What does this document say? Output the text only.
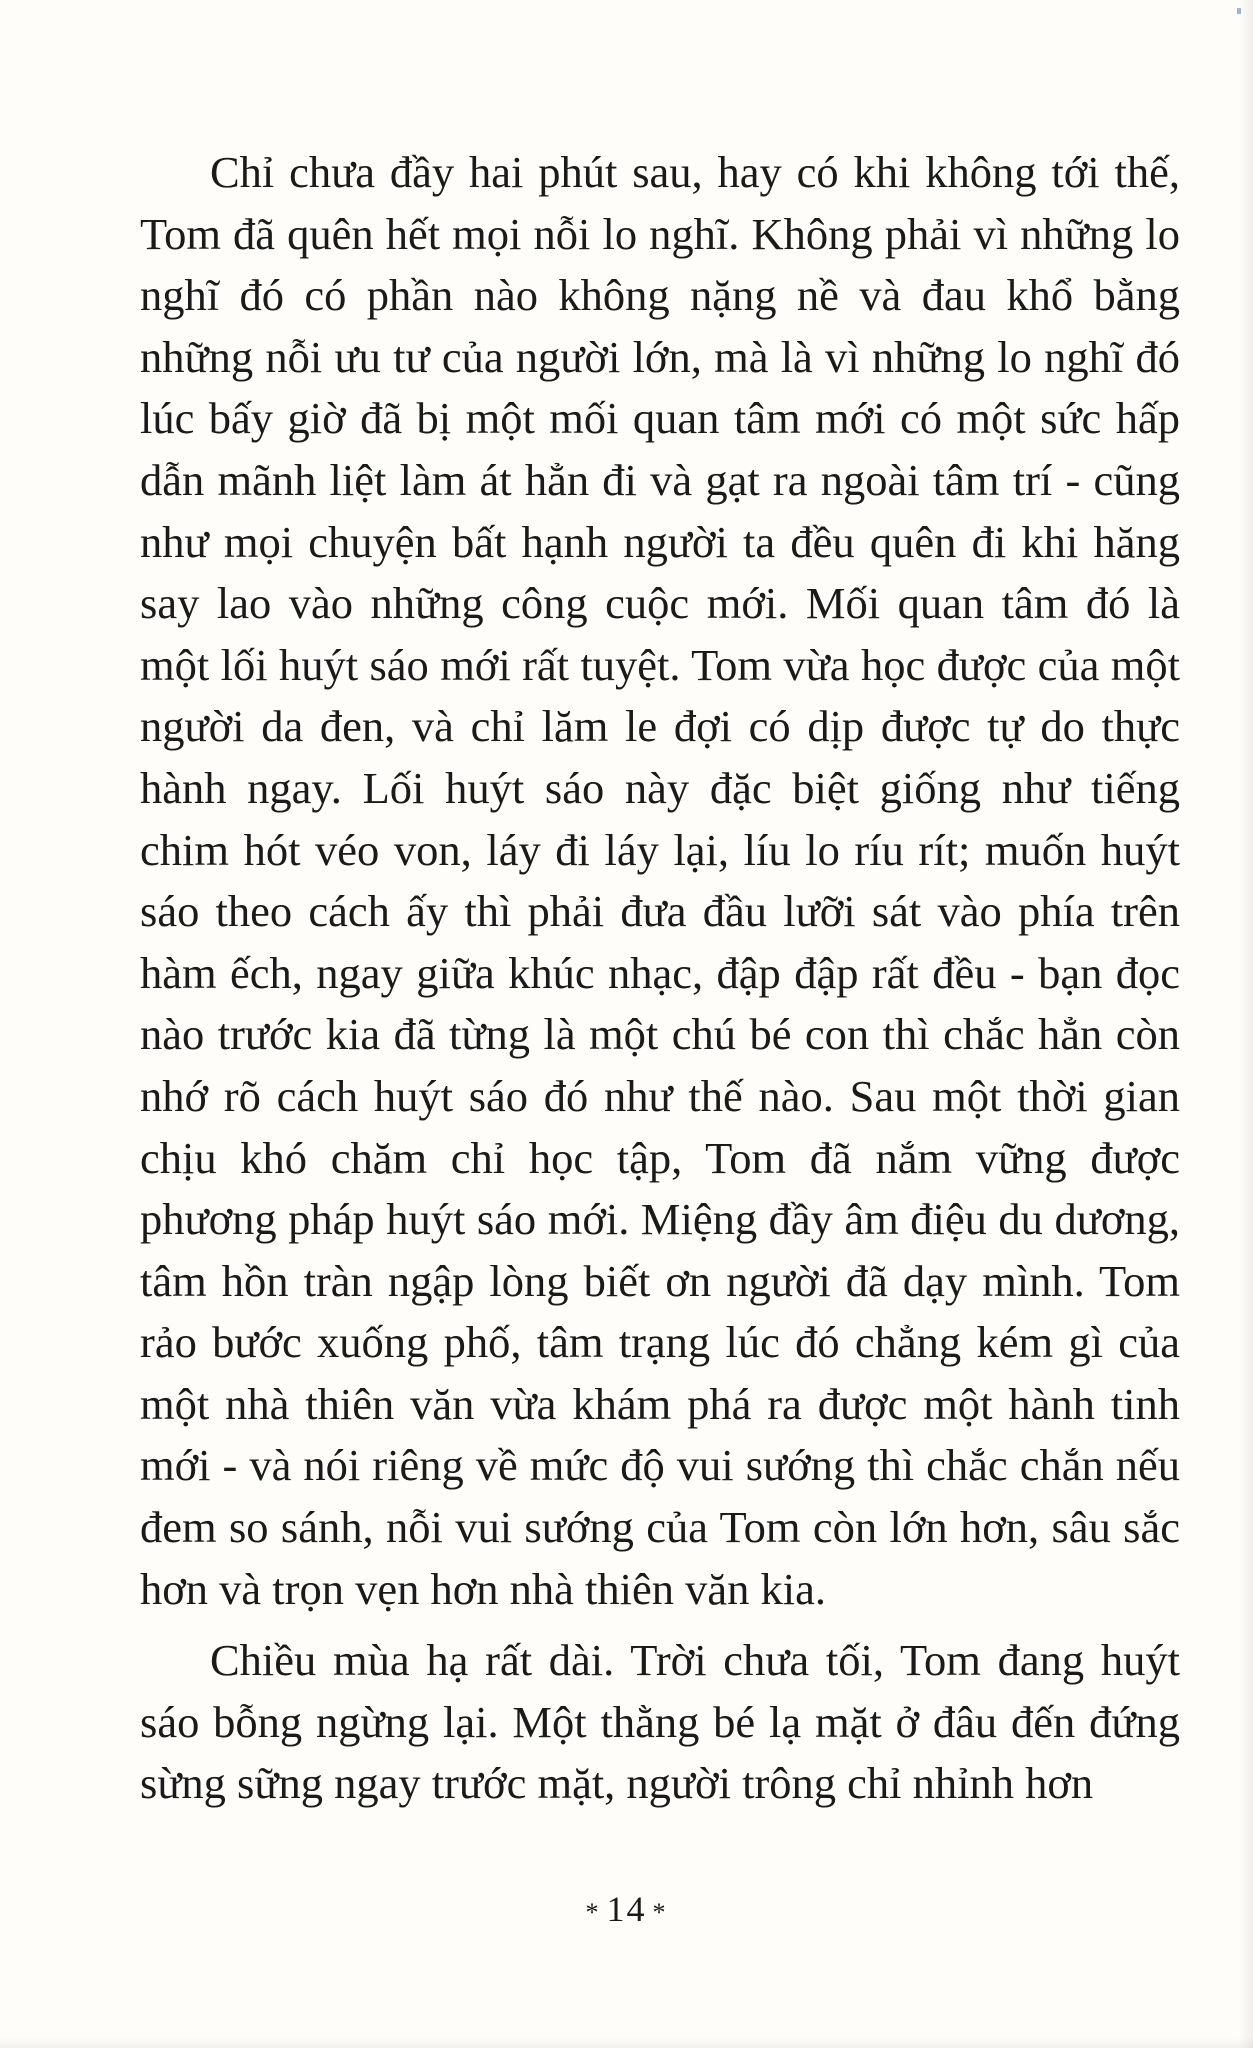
Chỉ chưa đầy hai phút sau, hay có khi không tới thế, Tom đã quên hết mọi nỗi lo nghĩ. Không phải vì những lo nghĩ đó có phần nào không nặng nề và đau khổ bằng những nỗi ưu tư của người lớn, mà là vì những lo nghĩ đó lúc bấy giờ đã bị một mối quan tâm mới có một sức hấp dẫn mãnh liệt làm át hẳn đi và gạt ra ngoài tâm trí - cũng như mọi chuyện bất hạnh người ta đều quên đi khi hăng say lao vào những công cuộc mới. Mối quan tâm đó là một lối huýt sáo mới rất tuyệt. Tom vừa học được của một người da đen, và chỉ lăm le đợi có dịp được tự do thực hành ngay. Lối huýt sáo này đặc biệt giống như tiếng chim hót véo von, láy đi láy lại, líu lo ríu rít; muốn huýt sáo theo cách ấy thì phải đưa đầu lưỡi sát vào phía trên hàm ếch, ngay giữa khúc nhạc, đập đập rất đều - bạn đọc nào trước kia đã từng là một chú bé con thì chắc hẳn còn nhớ rõ cách huýt sáo đó như thế nào. Sau một thời gian chịu khó chăm chỉ học tập, Tom đã nắm vững được phương pháp huýt sáo mới. Miệng đầy âm điệu du dương, tâm hồn tràn ngập lòng biết ơn người đã dạy mình. Tom rảo bước xuống phố, tâm trạng lúc đó chẳng kém gì của một nhà thiên văn vừa khám phá ra được một hành tinh mới - và nói riêng về mức độ vui sướng thì chắc chắn nếu đem so sánh, nỗi vui sướng của Tom còn lớn hơn, sâu sắc hơn và trọn vẹn hơn nhà thiên văn kia.

Chiều mùa hạ rất dài. Trời chưa tối, Tom đang huýt sáo bỗng ngừng lại. Một thằng bé lạ mặt ở đâu đến đứng sừng sững ngay trước mặt, người trông chỉ nhỉnh hơn

* 14 *
